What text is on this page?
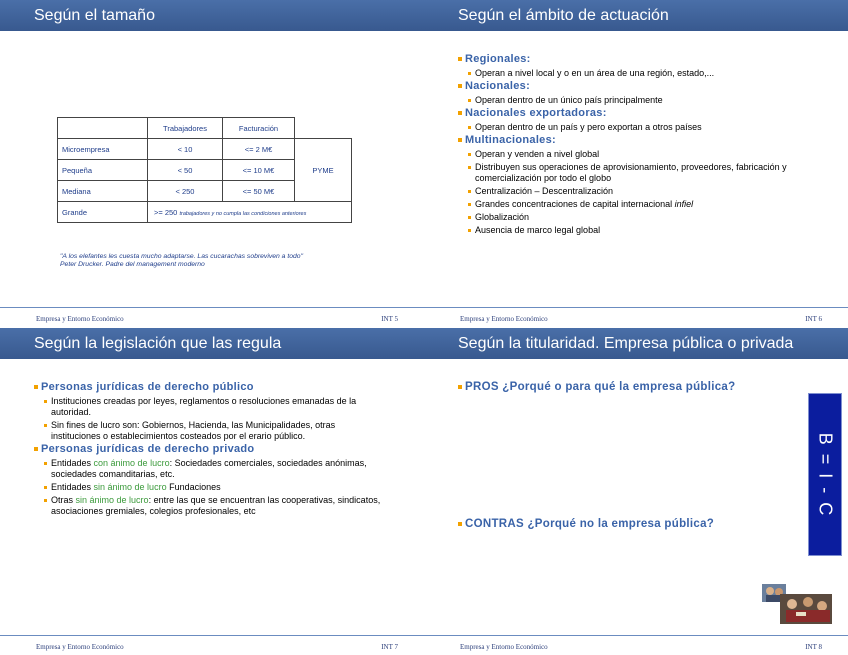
Según el tamaño
	Trabajadores	Facturación	
Microempresa	< 10	<= 2 M€	PYME
Pequeña	< 50	<= 10 M€	
Mediana	< 250	<= 50 M€	
Grande	>= 250 trabajadores y no cumpla las condiciones anteriores		
"A los elefantes les cuesta mucho adaptarse. Las cucarachas sobreviven a todo"
Peter Drucker. Padre del management moderno
Empresa y Entorno Económico	INT 5
Según el ámbito de actuación
Regionales:
Operan a nivel local y o en un área de una región, estado,...
Nacionales:
Operan dentro de un único país principalmente
Nacionales exportadoras:
Operan dentro de un país y pero exportan a otros países
Multinacionales:
Operan y venden a nivel global
Distribuyen sus operaciones de aprovisionamiento, proveedores, fabricación y comercialización por todo el globo
Centralización – Descentralización
Grandes concentraciones de capital internacional infiel
Globalización
Ausencia de marco legal global
Empresa y Entorno Económico	INT 6
Según la legislación que las regula
Personas jurídicas de derecho público
Instituciones creadas por leyes, reglamentos o resoluciones emanadas de la autoridad.
Sin fines de lucro son: Gobiernos, Hacienda, las Municipalidades, otras instituciones o establecimientos costeados por el erario público.
Personas jurídicas de derecho privado
Entidades con ánimo de lucro: Sociedades comerciales, sociedades anónimas, sociedades comanditarias, etc.
Entidades sin ánimo de lucro Fundaciones
Otras sin ánimo de lucro: entre las que se encuentran las cooperativas, sindicatos, asociaciones gremiales, colegios profesionales, etc
Empresa y Entorno Económico	INT 7
Según la titularidad. Empresa pública o privada
PROS ¿Porqué o para qué la empresa pública?
CONTRAS ¿Porqué no la empresa pública?
B = I - C
Empresa y Entorno Económico	INT 8
